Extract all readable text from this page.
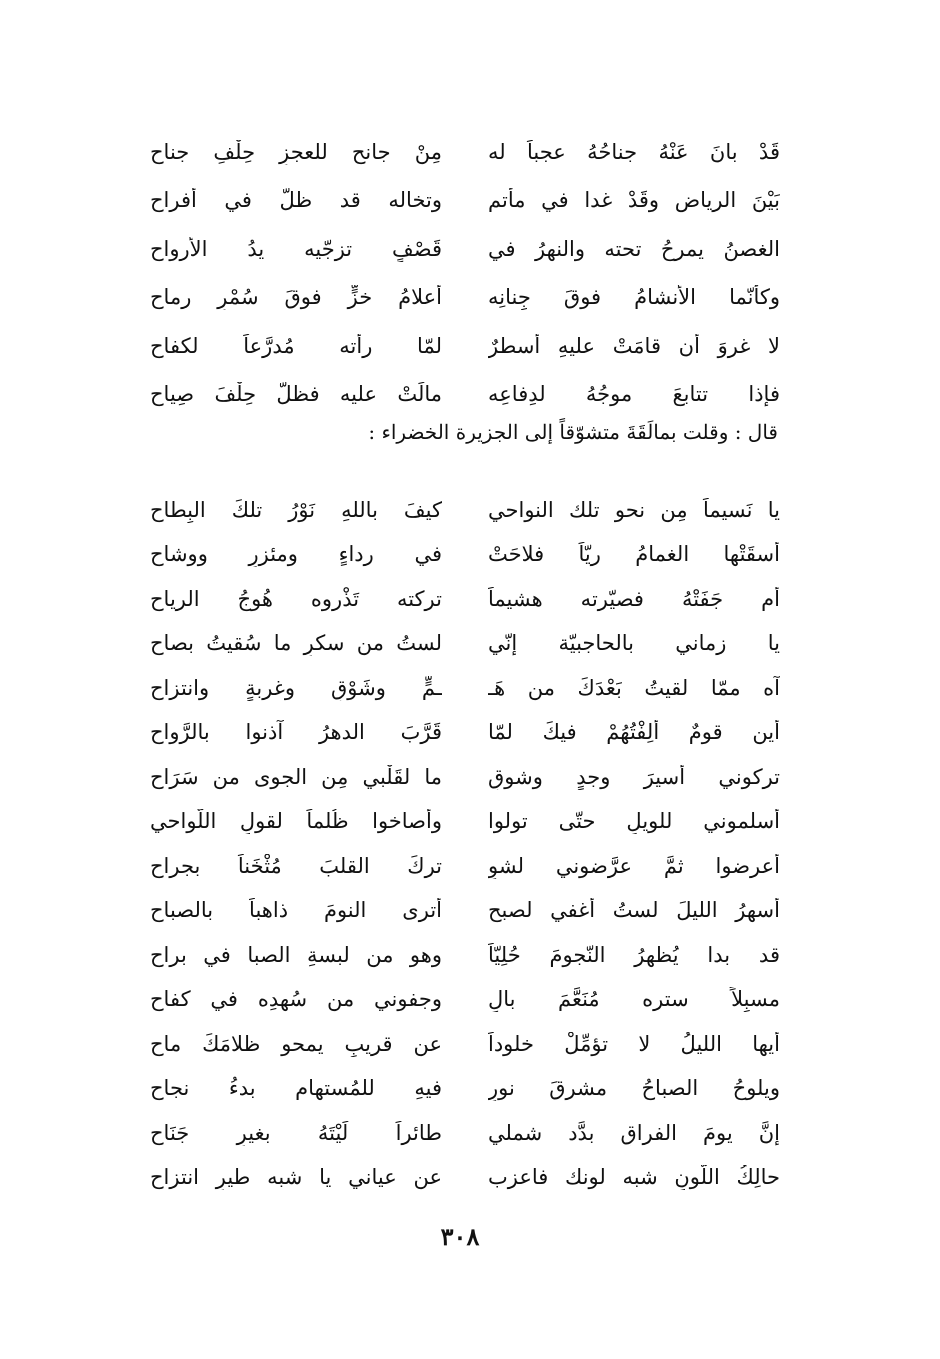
قَدْ بانَ عَنْهُ جناحُهُ عجباً له
مِنْ جانحٍ للعجزِ حِلْفِ جناحِ
بَيْنَ الرياضِ وقَدْ غدا في مأتمٍ
وتخاله قد ظلَّ في أفراحِ
الغصنُ يمرحُ تحته والنهرُ في
قَصْفٍ تزجّيه يدُ الأرواحِ
وكأنّما الأنشامُ فوقَ جِنانِه
أعلامُ خزٍّ فوقَ سُمْرِ رماحِ
لا غروَ أن قامَتْ عليهِ أسطرٌ
لمّا رأته مُدرَّعاً لكفاحِ
فإذا تتابعَ موجُهُ لدِفاعِه
مالَتْ عليه فظلَّ حِلْفَ صِياحِ
قال : وقلت بمالَقَةَ متشوّقاً إلى الجزيرة الخضراء :
يا نَسيماً مِن نحو تلك النواحي
كيفَ باللهِ نَوْرُ تلكَ البِطاحِ
أسقَتْها الغمامُ ريّاً فلاحَتْ
في رداءٍ ومئزرٍ ووشاحِ
أم جَفَتْهُ فصيّرته هشيماً
تركته تَذْروه هُوجُ الرياحِ
يا زماني بالحاجبيّة إنّي
لستُ من سكرِ ما سُقيتُ بصاحِ
آه ممّا لقيتُ بَعْدَكَ من هَـ
ـمٍّ وشَوْقٍ وغربةٍ وانتزاحِ
أين قومٌ أَلِفْتُهُمْ فيكَ لمّا
قَرَّبَ الدهرُ آذنوا بالرَّواحِ
تركوني أسيرَ وجدٍ وشوقٍ
ما لقَلْبي مِن الجوى من سَرَاحِ
أسلموني للويلِ حتّى تولوا
وأصاخوا ظُلماً لقولِ اللّواحي
أعرضوا ثمَّ عرَّضوني لشوٍ
تركَ القلبَ مُثْخَناً بجراحِ
أسهرُ الليلَ لستُ أُغفي لصبحٍ
أترى النومَ ذاهباً بالصباحِ
قد بدا يُظهرُ النّجومَ حُلِيّاً
وهو من لبسةِ الصبا في براحِ
مسبِلاً ستره مُنَعَّمَ بالٍ
وجفوني من سُهدِه في كفاحِ
أيها الليلُ لا تؤمِّلْ خلوداً
عن قريبٍ يمحو ظلامَكَ ماحِ
ويلوحُ الصباحُ مشرقَ نورٍ
فيهِ للمُستهامِ بدءُ نجاحِ
إنَّ يومَ الفراقِ بدَّد شملي
طائراً لَيْتَهُ بغيرِ جَنَاحِ
حالِكُ اللّونِ شبه لونك فاعزب
عن عياني يا شبه طيرِ انتزاحِ
٣٠٨
